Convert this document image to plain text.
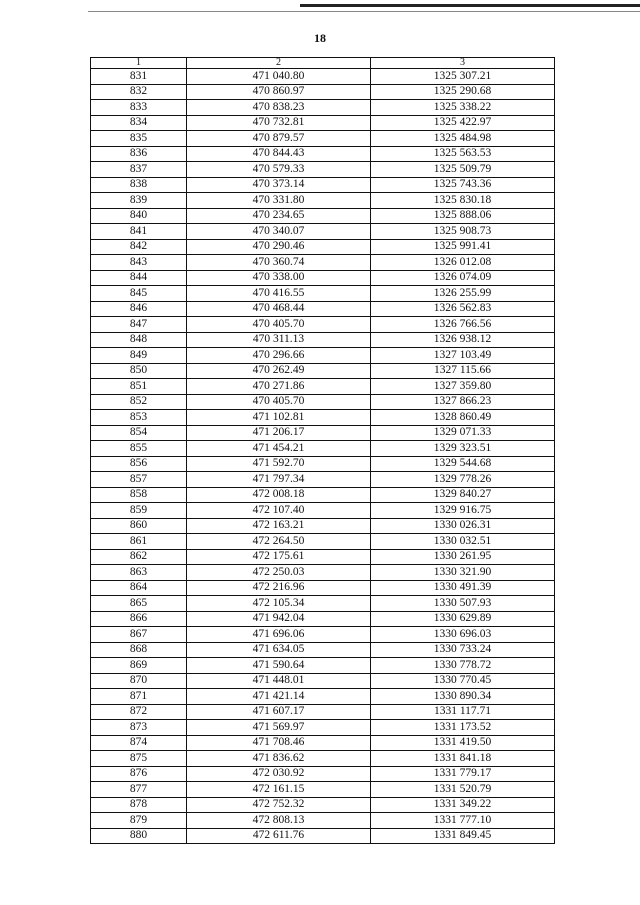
18
1	2	3
831	471 040.80	1325 307.21
832	470 860.97	1325 290.68
833	470 838.23	1325 338.22
834	470 732.81	1325 422.97
835	470 879.57	1325 484.98
836	470 844.43	1325 563.53
837	470 579.33	1325 509.79
838	470 373.14	1325 743.36
839	470 331.80	1325 830.18
840	470 234.65	1325 888.06
841	470 340.07	1325 908.73
842	470 290.46	1325 991.41
843	470 360.74	1326 012.08
844	470 338.00	1326 074.09
845	470 416.55	1326 255.99
846	470 468.44	1326 562.83
847	470 405.70	1326 766.56
848	470 311.13	1326 938.12
849	470 296.66	1327 103.49
850	470 262.49	1327 115.66
851	470 271.86	1327 359.80
852	470 405.70	1327 866.23
853	471 102.81	1328 860.49
854	471 206.17	1329 071.33
855	471 454.21	1329 323.51
856	471 592.70	1329 544.68
857	471 797.34	1329 778.26
858	472 008.18	1329 840.27
859	472 107.40	1329 916.75
860	472 163.21	1330 026.31
861	472 264.50	1330 032.51
862	472 175.61	1330 261.95
863	472 250.03	1330 321.90
864	472 216.96	1330 491.39
865	472 105.34	1330 507.93
866	471 942.04	1330 629.89
867	471 696.06	1330 696.03
868	471 634.05	1330 733.24
869	471 590.64	1330 778.72
870	471 448.01	1330 770.45
871	471 421.14	1330 890.34
872	471 607.17	1331 117.71
873	471 569.97	1331 173.52
874	471 708.46	1331 419.50
875	471 836.62	1331 841.18
876	472 030.92	1331 779.17
877	472 161.15	1331 520.79
878	472 752.32	1331 349.22
879	472 808.13	1331 777.10
880	472 611.76	1331 849.45
